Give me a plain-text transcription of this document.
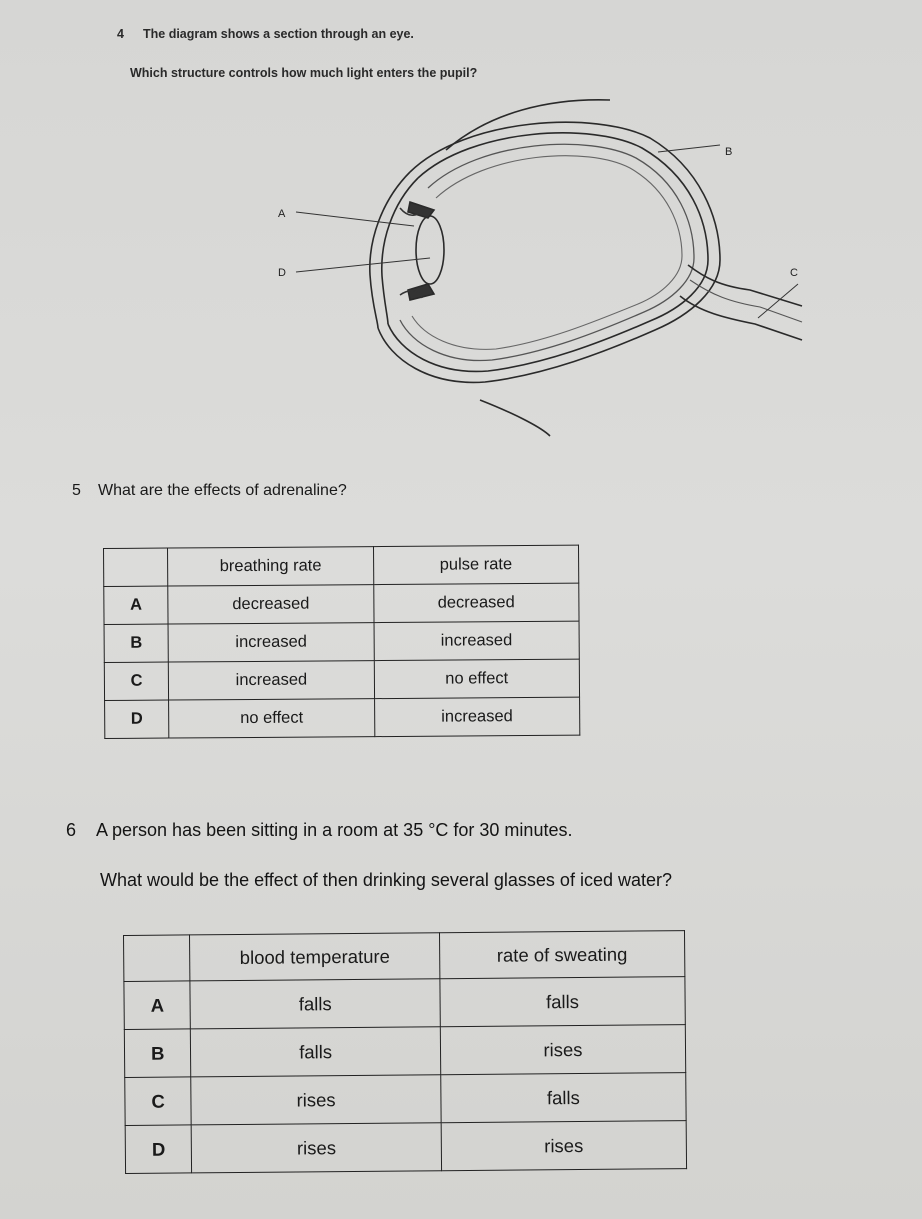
4 The diagram shows a section through an eye.
Which structure controls how much light enters the pupil?
A
B
C
D
5 What are the effects of adrenaline?
	breathing rate	pulse rate
A	decreased	decreased
B	increased	increased
C	increased	no effect
D	no effect	increased
6 A person has been sitting in a room at 35 °C for 30 minutes.
What would be the effect of then drinking several glasses of iced water?
	blood temperature	rate of sweating
A	falls	falls
B	falls	rises
C	rises	falls
D	rises	rises
